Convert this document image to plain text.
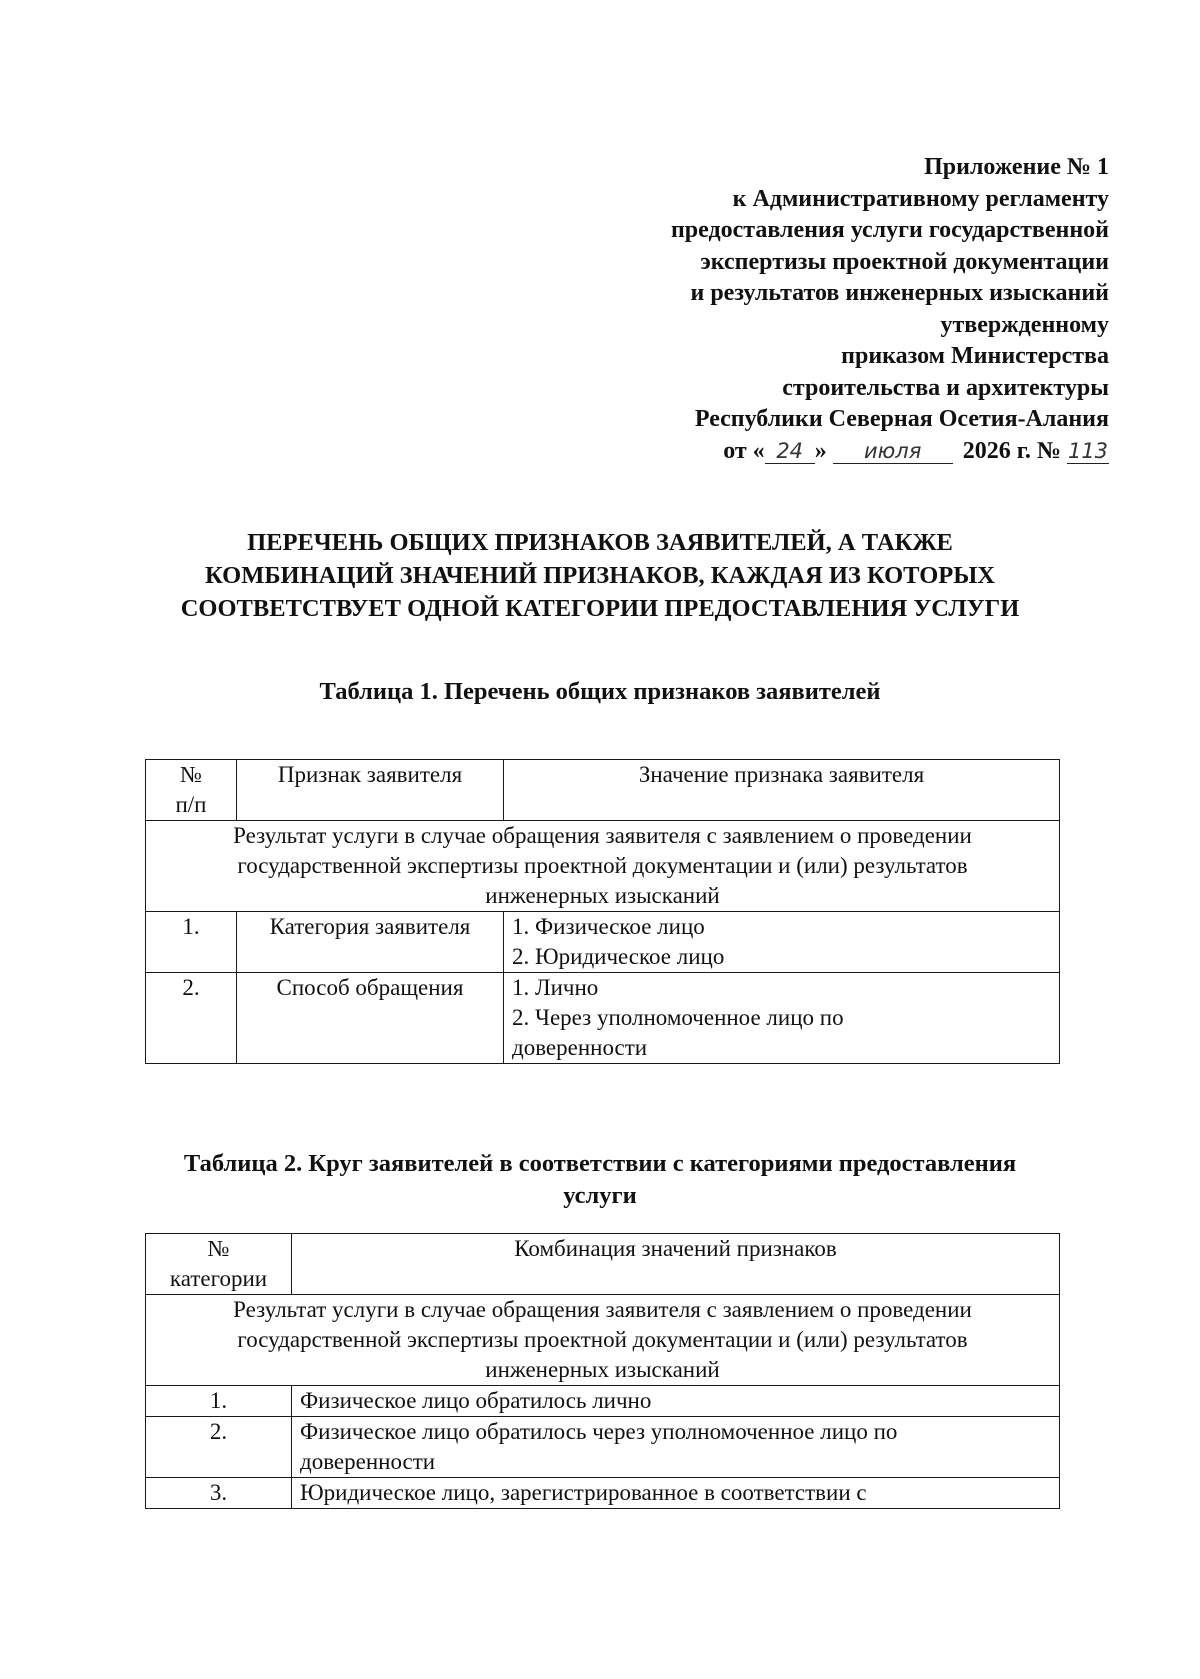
Приложение № 1
к Административному регламенту
предоставления услуги государственной
экспертизы проектной документации
и результатов инженерных изысканий
утвержденному
приказом Министерства
строительства и архитектуры
Республики Северная Осетия-Алания
от « 24 » июля 2026 г. № 113
ПЕРЕЧЕНЬ ОБЩИХ ПРИЗНАКОВ ЗАЯВИТЕЛЕЙ, А ТАКЖЕ
КОМБИНАЦИЙ ЗНАЧЕНИЙ ПРИЗНАКОВ, КАЖДАЯ ИЗ КОТОРЫХ
СООТВЕТСТВУЕТ ОДНОЙ КАТЕГОРИИ ПРЕДОСТАВЛЕНИЯ УСЛУГИ
Таблица 1. Перечень общих признаков заявителей
№
п/п	Признак заявителя	Значение признака заявителя

Результат услуги в случае обращения заявителя с заявлением о проведении
государственной экспертизы проектной документации и (или) результатов
инженерных изысканий		

1.	Категория заявителя	1. Физическое лицо
2. Юридическое лицо

2.	Способ обращения	1. Лично
2. Через уполномоченное лицо по
доверенности
Таблица 2. Круг заявителей в соответствии с категориями предоставления
услуги
№
категории	Комбинация значений признаков

Результат услуги в случае обращения заявителя с заявлением о проведении
государственной экспертизы проектной документации и (или) результатов
инженерных изысканий	

1.	Физическое лицо обратилось лично

2.	Физическое лицо обратилось через уполномоченное лицо по
доверенности

3.	Юридическое лицо, зарегистрированное в соответствии с
